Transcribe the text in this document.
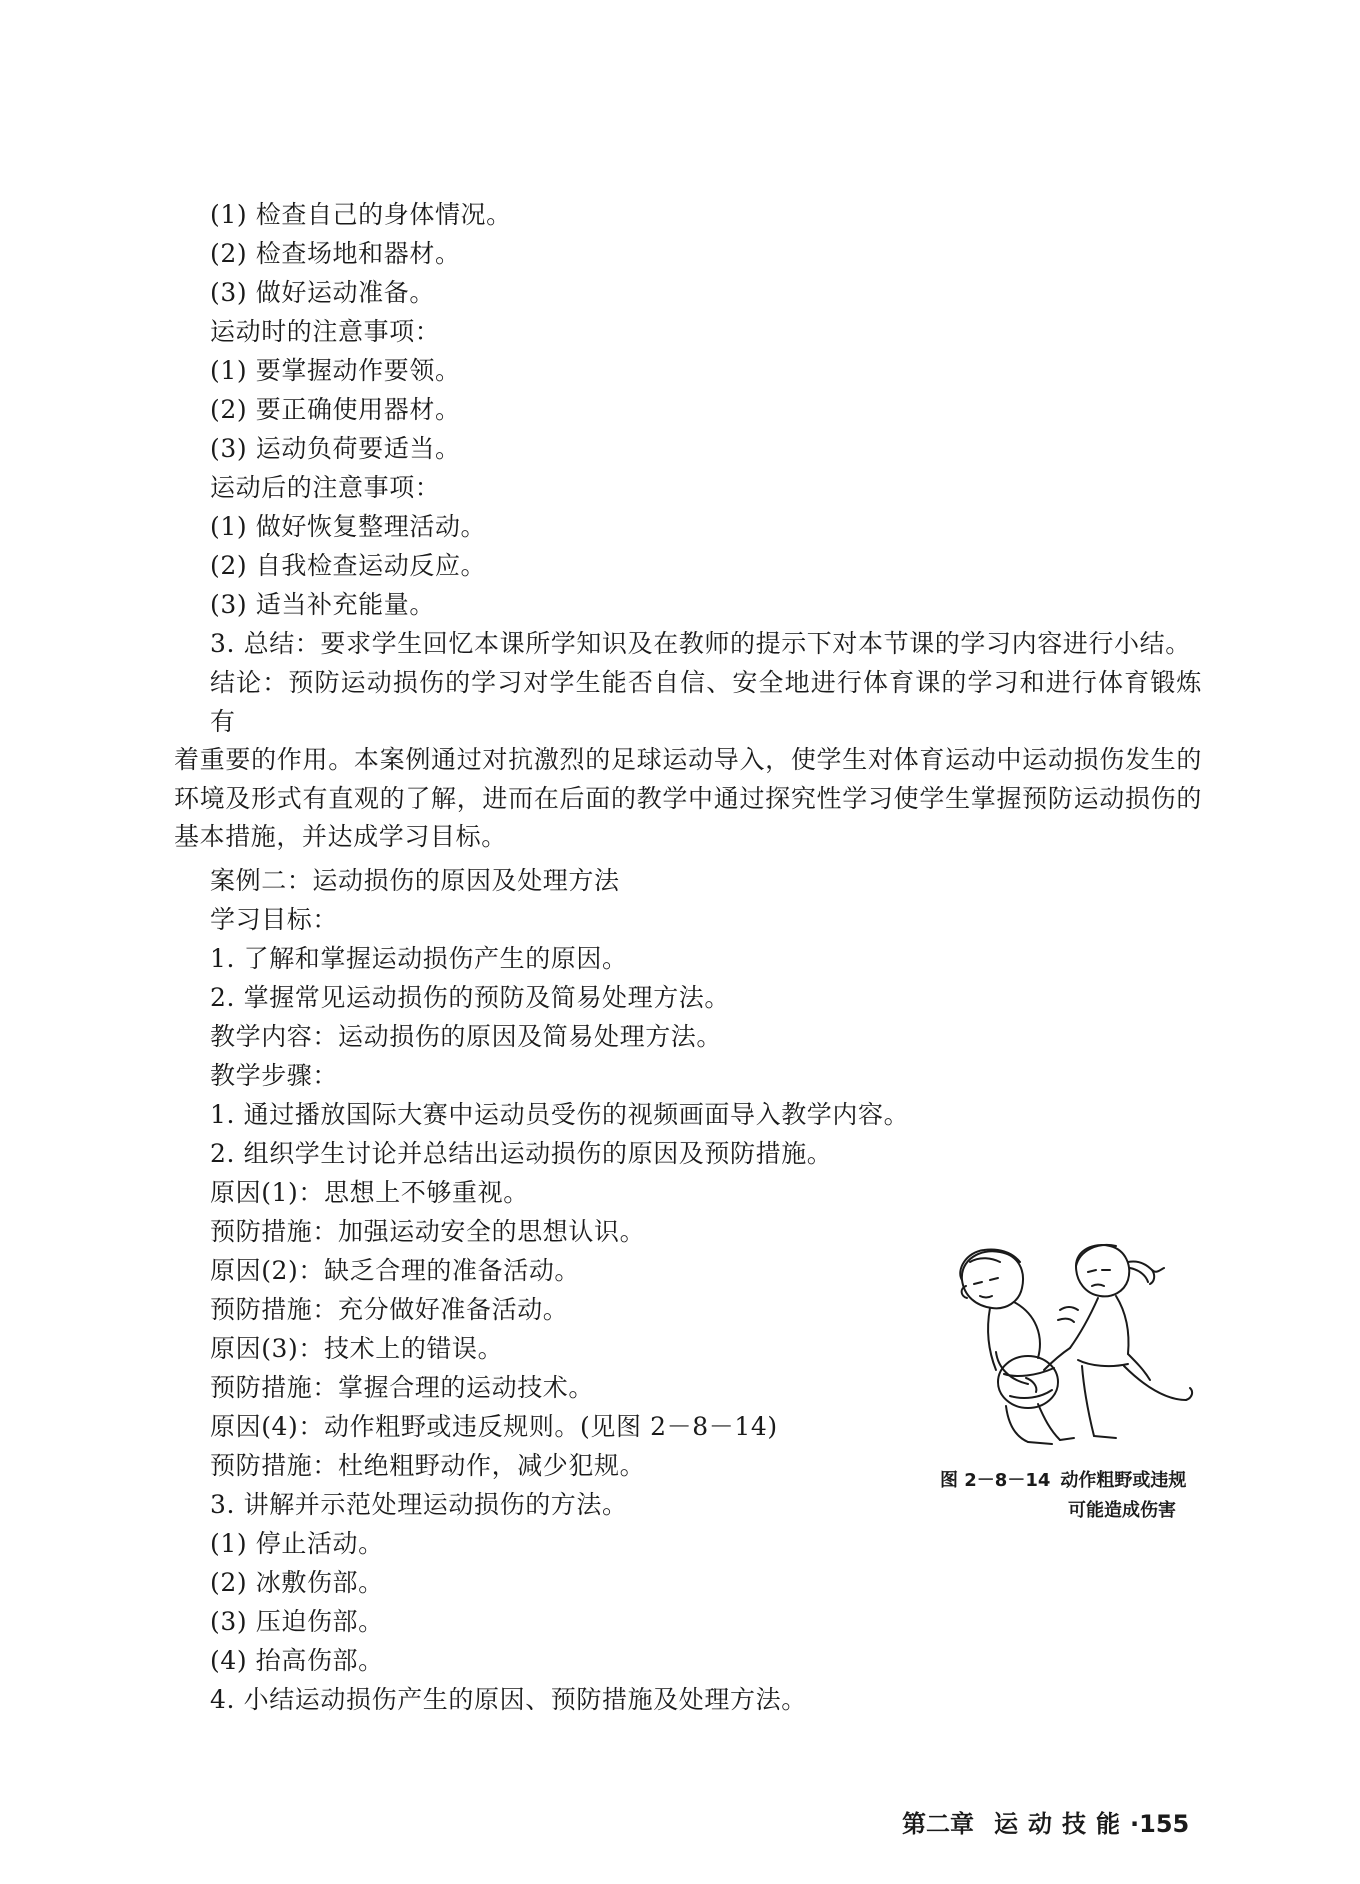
(1) 检查自己的身体情况。
(2) 检查场地和器材。
(3) 做好运动准备。
运动时的注意事项：
(1) 要掌握动作要领。
(2) 要正确使用器材。
(3) 运动负荷要适当。
运动后的注意事项：
(1) 做好恢复整理活动。
(2) 自我检查运动反应。
(3) 适当补充能量。
3. 总结：要求学生回忆本课所学知识及在教师的提示下对本节课的学习内容进行小结。
结论：预防运动损伤的学习对学生能否自信、安全地进行体育课的学习和进行体育锻炼有
着重要的作用。本案例通过对抗激烈的足球运动导入，使学生对体育运动中运动损伤发生的环境及形式有直观的了解，进而在后面的教学中通过探究性学习使学生掌握预防运动损伤的基本措施，并达成学习目标。
案例二：运动损伤的原因及处理方法
学习目标：
1. 了解和掌握运动损伤产生的原因。
2. 掌握常见运动损伤的预防及简易处理方法。
教学内容：运动损伤的原因及简易处理方法。
教学步骤：
1. 通过播放国际大赛中运动员受伤的视频画面导入教学内容。
2. 组织学生讨论并总结出运动损伤的原因及预防措施。
原因(1)：思想上不够重视。
预防措施：加强运动安全的思想认识。
原因(2)：缺乏合理的准备活动。
预防措施：充分做好准备活动。
原因(3)：技术上的错误。
预防措施：掌握合理的运动技术。
原因(4)：动作粗野或违反规则。(见图 2－8－14)
预防措施：杜绝粗野动作，减少犯规。
3. 讲解并示范处理运动损伤的方法。
(1) 停止活动。
(2) 冰敷伤部。
(3) 压迫伤部。
(4) 抬高伤部。
4. 小结运动损伤产生的原因、预防措施及处理方法。
图 2－8－14 动作粗野或违规
可能造成伤害
第二章 运动技能·155
